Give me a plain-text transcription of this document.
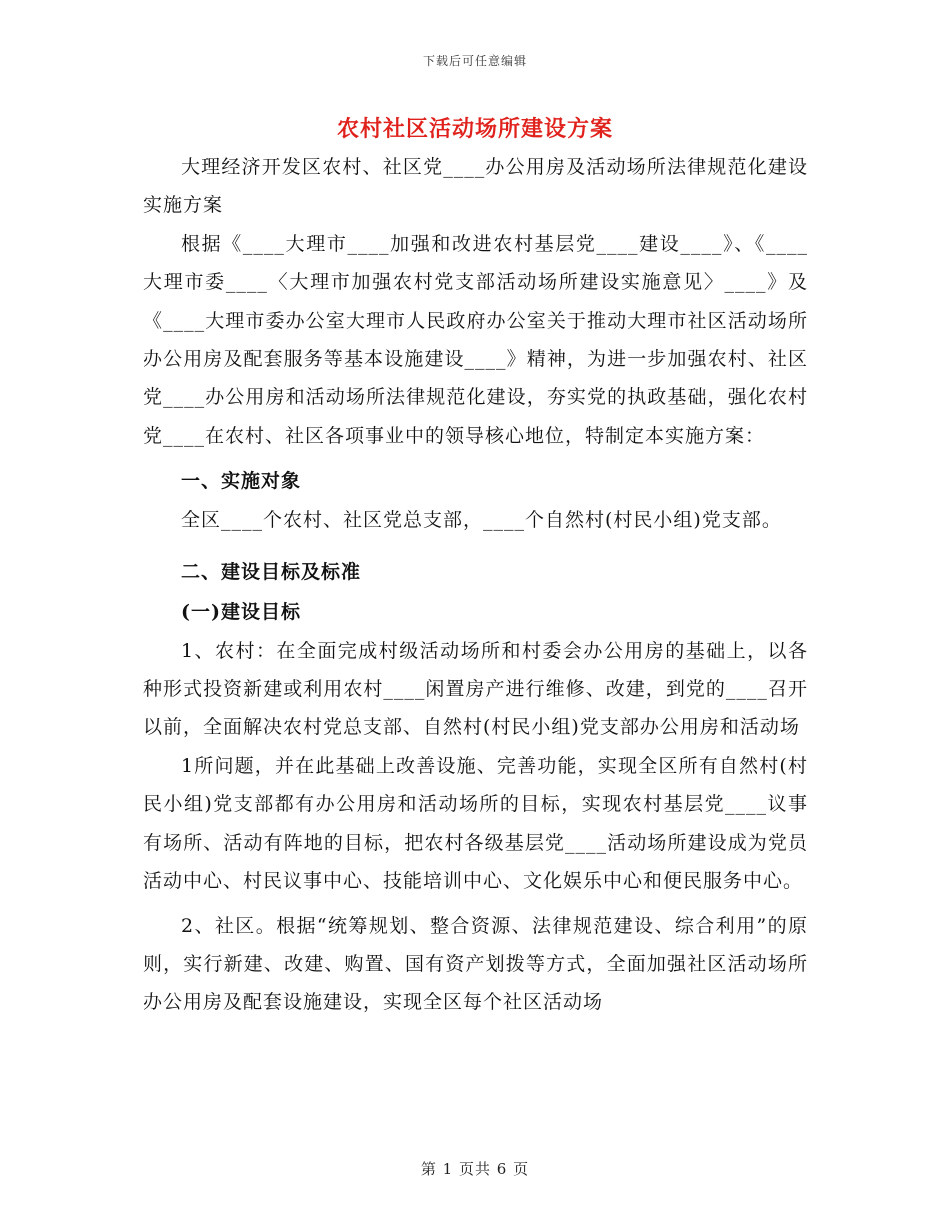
下载后可任意编辑
农村社区活动场所建设方案

大理经济开发区农村、社区党____办公用房及活动场所法律规范化建设实施方案

根据《____大理市____加强和改进农村基层党____建设____》、《____大理市委____〈大理市加强农村党支部活动场所建设实施意见〉____》及《____大理市委办公室大理市人民政府办公室关于推动大理市社区活动场所办公用房及配套服务等基本设施建设____》精神，为进一步加强农村、社区党____办公用房和活动场所法律规范化建设，夯实党的执政基础，强化农村党____在农村、社区各项事业中的领导核心地位，特制定本实施方案：

一、实施对象

全区____个农村、社区党总支部，____个自然村(村民小组)党支部。

二、建设目标及标准

(一)建设目标

1、农村：在全面完成村级活动场所和村委会办公用房的基础上，以各种形式投资新建或利用农村____闲置房产进行维修、改建，到党的____召开以前，全面解决农村党总支部、自然村(村民小组)党支部办公用房和活动场

1所问题，并在此基础上改善设施、完善功能，实现全区所有自然村(村民小组)党支部都有办公用房和活动场所的目标，实现农村基层党____议事有场所、活动有阵地的目标，把农村各级基层党____活动场所建设成为党员活动中心、村民议事中心、技能培训中心、文化娱乐中心和便民服务中心。

2、社区。根据“统筹规划、整合资源、法律规范建设、综合利用”的原则，实行新建、改建、购置、国有资产划拨等方式，全面加强社区活动场所办公用房及配套设施建设，实现全区每个社区活动场

第 1 页共 6 页
